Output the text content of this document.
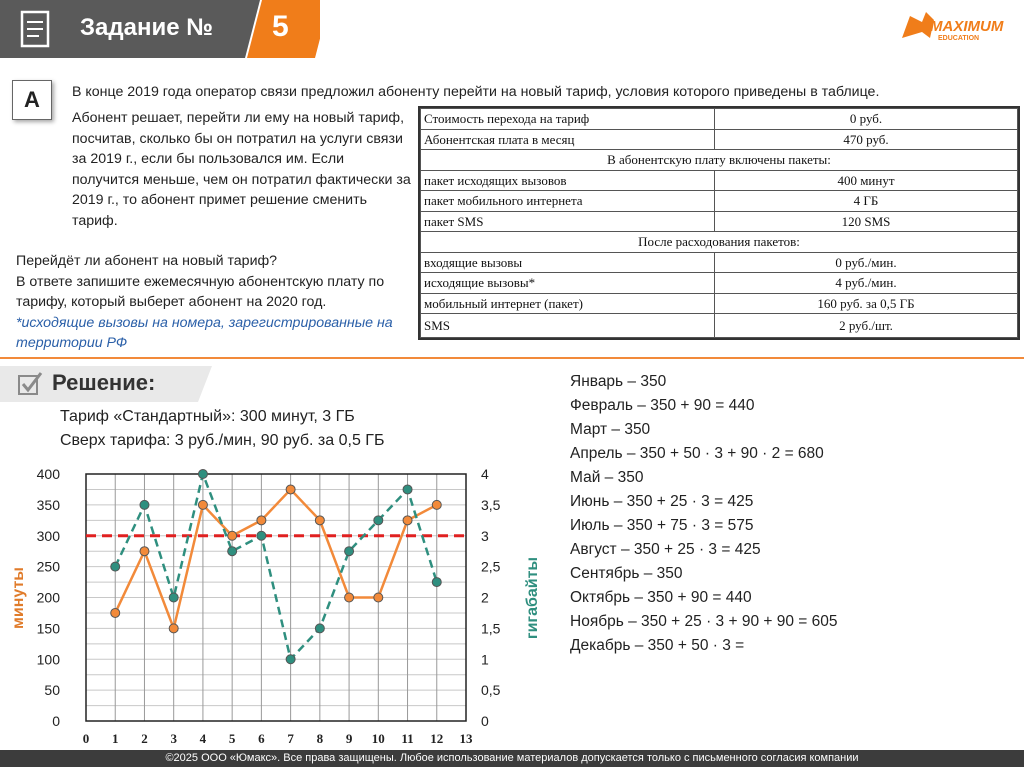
Задание № 5	MAXIMUM
EDUCATION
А	В конце 2019 года оператор связи предложил абоненту перейти на новый тариф, условия которого приведены в таблице.

Абонент решает, перейти ли ему на новый тариф, посчитав, сколько бы он потратил на услуги связи за 2019 г., если бы пользовался им. Если получится меньше, чем он потратил фактически за 2019 г., то абонент примет решение сменить тариф.

Перейдёт ли абонент на новый тариф?

В ответе запишите ежемесячную абонентскую плату по тарифу, который выберет абонент на 2020 год.

*исходящие вызовы на номера, зарегистрированные на территории РФ

Стоимость перехода на тариф	0 руб.
Абонентская плата в месяц	470 руб.
В абонентскую плату включены пакеты:	
пакет исходящих вызовов	400 минут
пакет мобильного интернета	4 ГБ
пакет SMS	120 SMS
После расходования пакетов:	
входящие вызовы	0 руб./мин.
исходящие вызовы*	4 руб./мин.
мобильный интернет (пакет)	160 руб. за 0,5 ГБ
SMS	2 руб./шт.
Решение:
Тариф «Стандартный»: 300 минут, 3 ГБ
Сверх тарифа: 3 руб./мин, 90 руб. за 0,5 ГБ
Январь – 350
Февраль – 350 + 90 = 440
Март – 350
Апрель – 350 + 50 · 3 + 90 · 2 = 680
Май – 350
Июнь – 350 + 25 · 3 = 425
Июль – 350 + 75 · 3 = 575
Август – 350 + 25 · 3 = 425
Сентябрь – 350
Октябрь – 350 + 90 = 440
Ноябрь – 350 + 25 · 3 + 90 + 90 = 605
Декабрь – 350 + 50 · 3 =
0
50
100
150
200
250
300
350
400
0
0,5
1
1,5
2
2,5
3
3,5
4
0 1 2 3 4 5 6 7 8 9 10 11 12 13
минуты	гигабайты
©2025 ООО «Юмакс». Все права защищены. Любое использование материалов допускается только с письменного согласия компании
